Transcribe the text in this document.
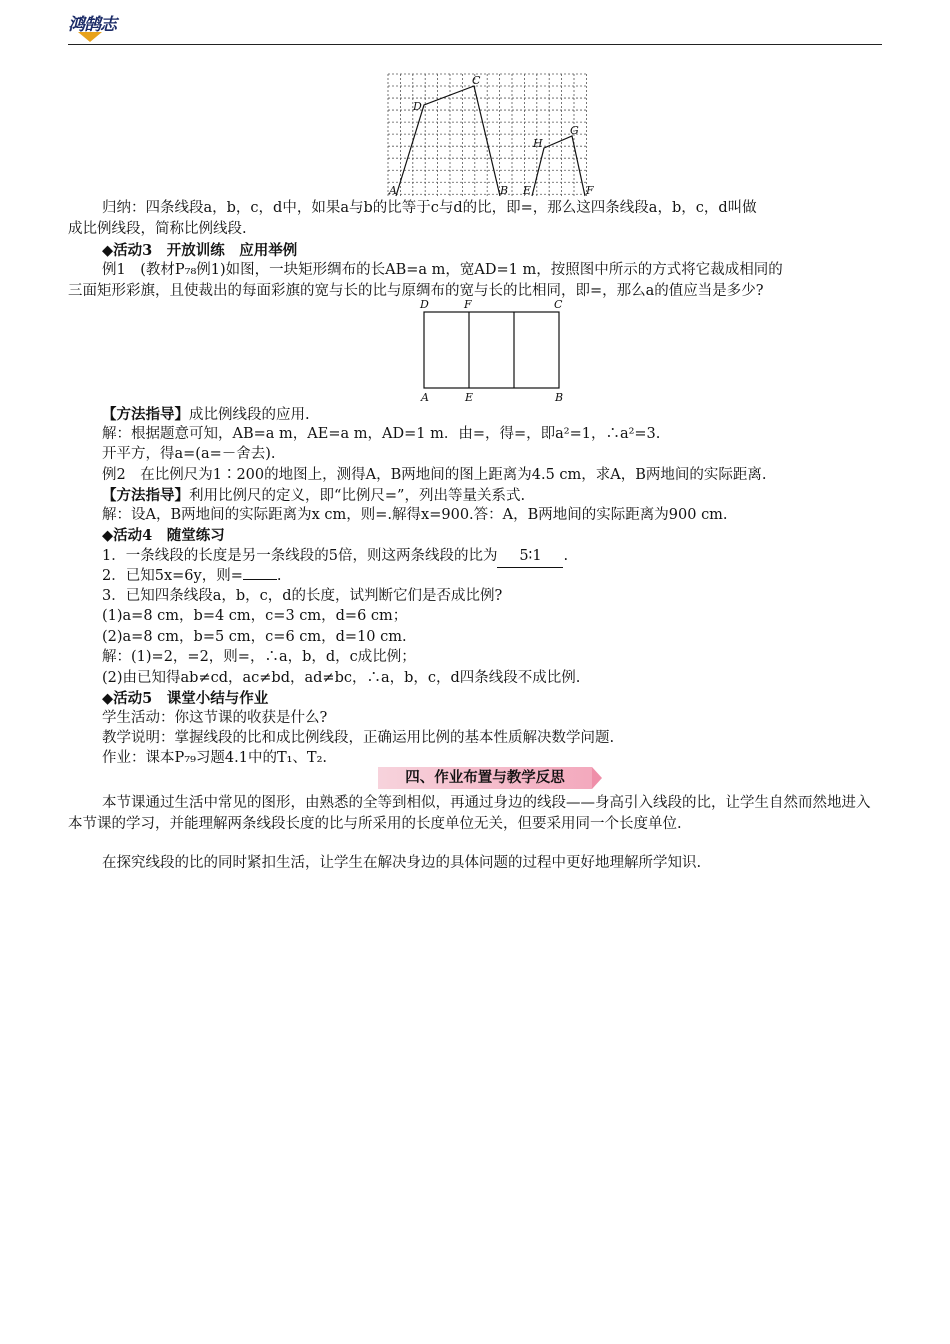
鸿鹄志
A	B
C
D
E	F
G
H
归纳：四条线段a，b，c，d中，如果a与b的比等于c与d的比，即=，那么这四条线段a，b，c，d叫做
成比例线段，简称比例线段.
◆活动3　开放训练　应用举例
例1　(教材P₇₈例1)如图，一块矩形绸布的长AB=a m，宽AD=1 m，按照图中所示的方式将它裁成相同的
三面矩形彩旗，且使裁出的每面彩旗的宽与长的比与原绸布的宽与长的比相同，即=，那么a的值应当是多少?
D	F	C
A	E	B
【方法指导】成比例线段的应用.
解：根据题意可知，AB=a m，AE=a m，AD=1 m．由=，得=，即a²=1，∴a²=3.
开平方，得a=(a=－舍去).
例2　在比例尺为1∶200的地图上，测得A，B两地间的图上距离为4.5 cm，求A，B两地间的实际距离.
【方法指导】利用比例尺的定义，即“比例尺=”，列出等量关系式.
解：设A，B两地间的实际距离为x cm，则=.解得x=900.答：A，B两地间的实际距离为900 cm.
◆活动4　随堂练习
1．一条线段的长度是另一条线段的5倍，则这两条线段的比为 5∶1 .
2．已知5x=6y，则= .
3．已知四条线段a，b，c，d的长度，试判断它们是否成比例?
(1)a=8 cm，b=4 cm，c=3 cm，d=6 cm；
(2)a=8 cm，b=5 cm，c=6 cm，d=10 cm.
解：(1)=2，=2，则=，∴a，b，d，c成比例；
(2)由已知得ab≠cd，ac≠bd，ad≠bc，∴a，b，c，d四条线段不成比例.
◆活动5　课堂小结与作业
学生活动：你这节课的收获是什么?
教学说明：掌握线段的比和成比例线段，正确运用比例的基本性质解决数学问题.
作业：课本P₇₉习题4.1中的T₁、T₂.
四、作业布置与教学反思
本节课通过生活中常见的图形，由熟悉的全等到相似，再通过身边的线段——身高引入线段的比，让学生自然而然地进入本节课的学习，并能理解两条线段长度的比与所采用的长度单位无关，但要采用同一个长度单位.
在探究线段的比的同时紧扣生活，让学生在解决身边的具体问题的过程中更好地理解所学知识.
